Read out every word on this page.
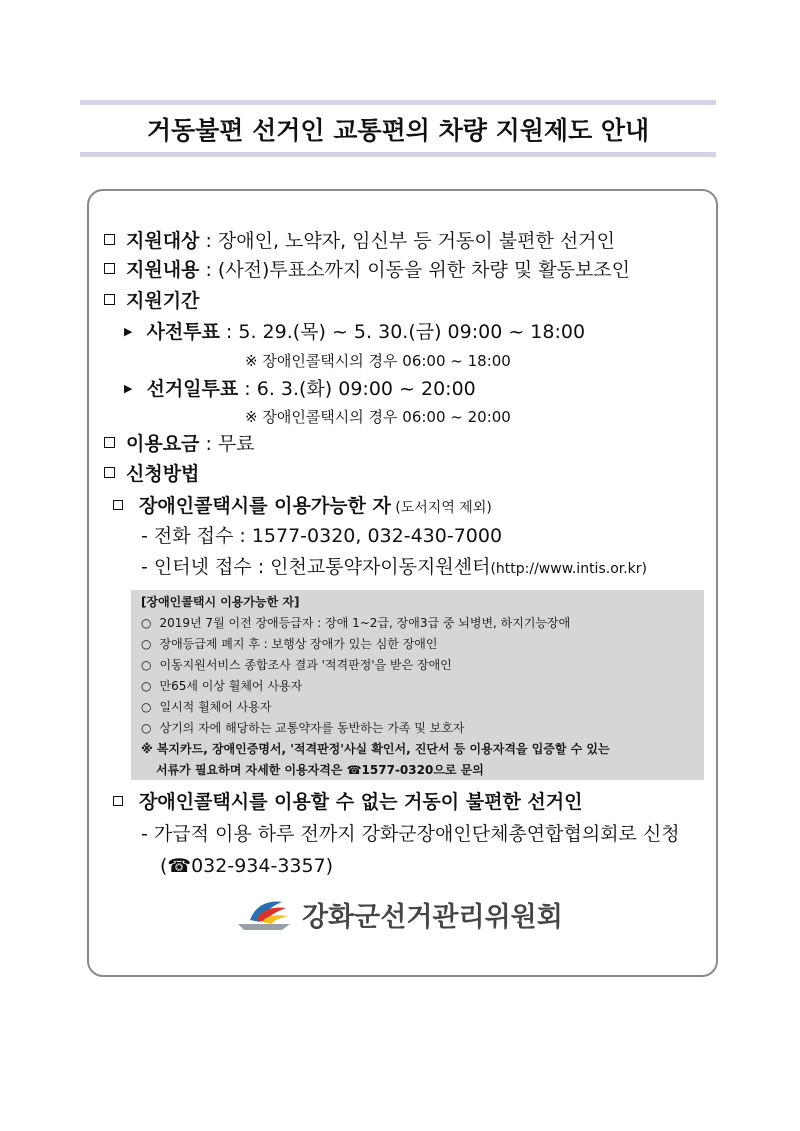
거동불편 선거인 교통편의 차량 지원제도 안내
지원대상 : 장애인, 노약자, 임신부 등 거동이 불편한 선거인
지원내용 : (사전)투표소까지 이동을 위한 차량 및 활동보조인
지원기간
▶ 사전투표 : 5. 29.(목) ~ 5. 30.(금) 09:00 ~ 18:00
※ 장애인콜택시의 경우 06:00 ~ 18:00
▶ 선거일투표 : 6. 3.(화) 09:00 ~ 20:00
※ 장애인콜택시의 경우 06:00 ~ 20:00
이용요금 : 무료
신청방법
장애인콜택시를 이용가능한 자 (도서지역 제외)
- 전화 접수 : 1577-0320, 032-430-7000
- 인터넷 접수 : 인천교통약자이동지원센터(http://www.intis.or.kr)
[장애인콜택시 이용가능한 자]
○ 2019년 7월 이전 장애등급자 : 장애 1~2급, 장애3급 중 뇌병변, 하지기능장애
○ 장애등급제 폐지 후 : 보행상 장애가 있는 심한 장애인
○ 이동지원서비스 종합조사 결과 '적격판정'을 받은 장애인
○ 만65세 이상 휠체어 사용자
○ 일시적 휠체어 사용자
○ 상기의 자에 해당하는 교통약자를 동반하는 가족 및 보호자
※ 복지카드, 장애인증명서, '적격판정'사실 확인서, 진단서 등 이용자격을 입증할 수 있는
서류가 필요하며 자세한 이용자격은 ☎1577-0320으로 문의
장애인콜택시를 이용할 수 없는 거동이 불편한 선거인
- 가급적 이용 하루 전까지 강화군장애인단체총연합협의회로 신청
(☎032-934-3357)
강화군선거관리위원회
